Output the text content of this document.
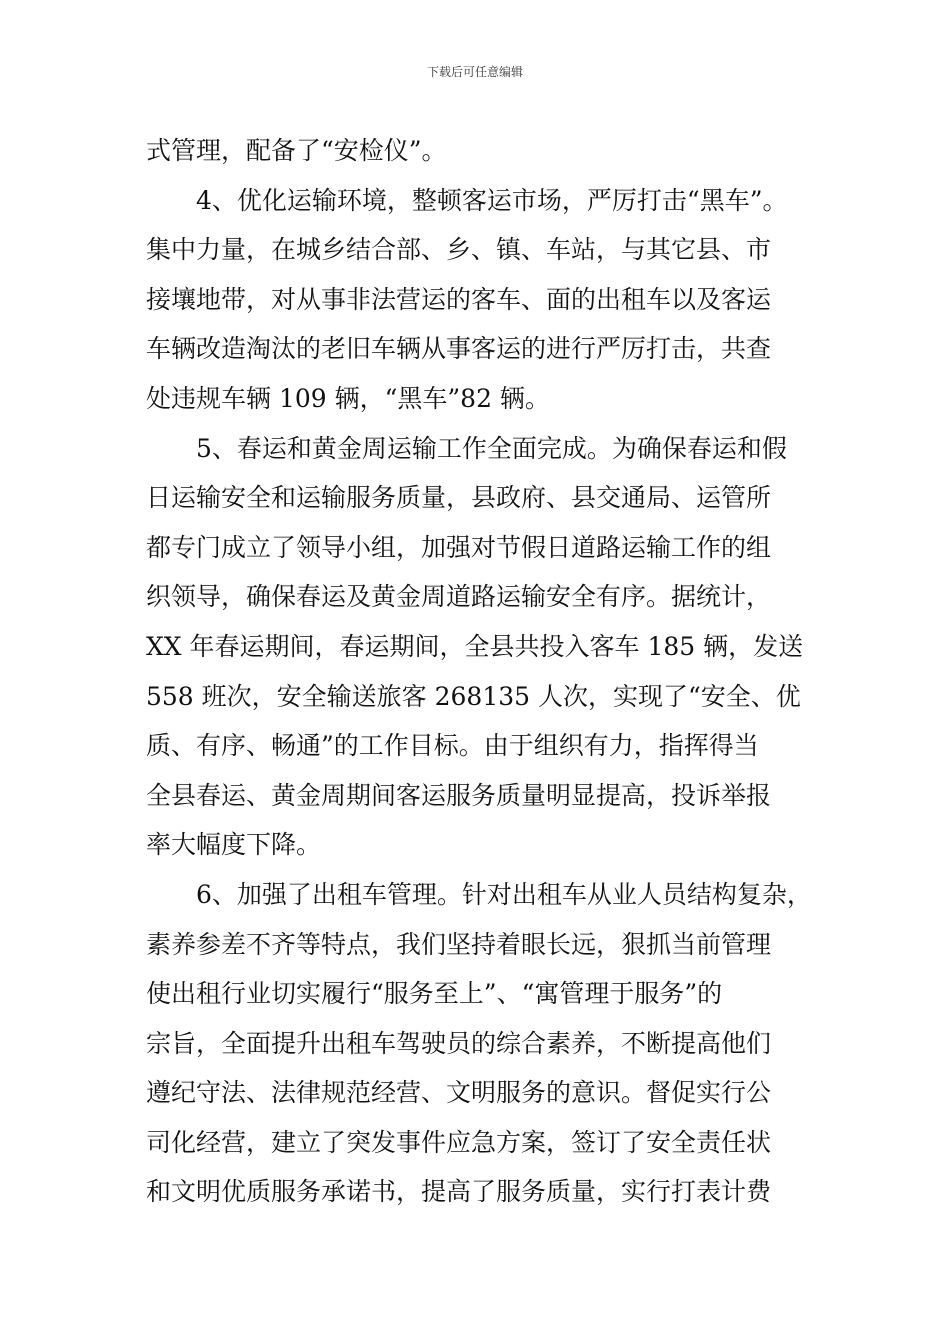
下载后可任意编辑
式管理，配备了“安检仪”。
4、优化运输环境，整顿客运市场，严厉打击“黑车”。
集中力量，在城乡结合部、乡、镇、车站，与其它县、市
接壤地带，对从事非法营运的客车、面的出租车以及客运
车辆改造淘汰的老旧车辆从事客运的进行严厉打击，共查
处违规车辆 109 辆，“黑车”82 辆。
5、春运和黄金周运输工作全面完成。为确保春运和假
日运输安全和运输服务质量，县政府、县交通局、运管所
都专门成立了领导小组，加强对节假日道路运输工作的组
织领导，确保春运及黄金周道路运输安全有序。据统计，
XX 年春运期间，春运期间，全县共投入客车 185 辆，发送
558 班次，安全输送旅客 268135 人次，实现了“安全、优
质、有序、畅通”的工作目标。由于组织有力，指挥得当
全县春运、黄金周期间客运服务质量明显提高，投诉举报
率大幅度下降。
6、加强了出租车管理。针对出租车从业人员结构复杂，
素养参差不齐等特点，我们坚持着眼长远，狠抓当前管理
使出租行业切实履行“服务至上”、“寓管理于服务”的
宗旨，全面提升出租车驾驶员的综合素养，不断提高他们
遵纪守法、法律规范经营、文明服务的意识。督促实行公
司化经营，建立了突发事件应急方案，签订了安全责任状
和文明优质服务承诺书，提高了服务质量，实行打表计费
